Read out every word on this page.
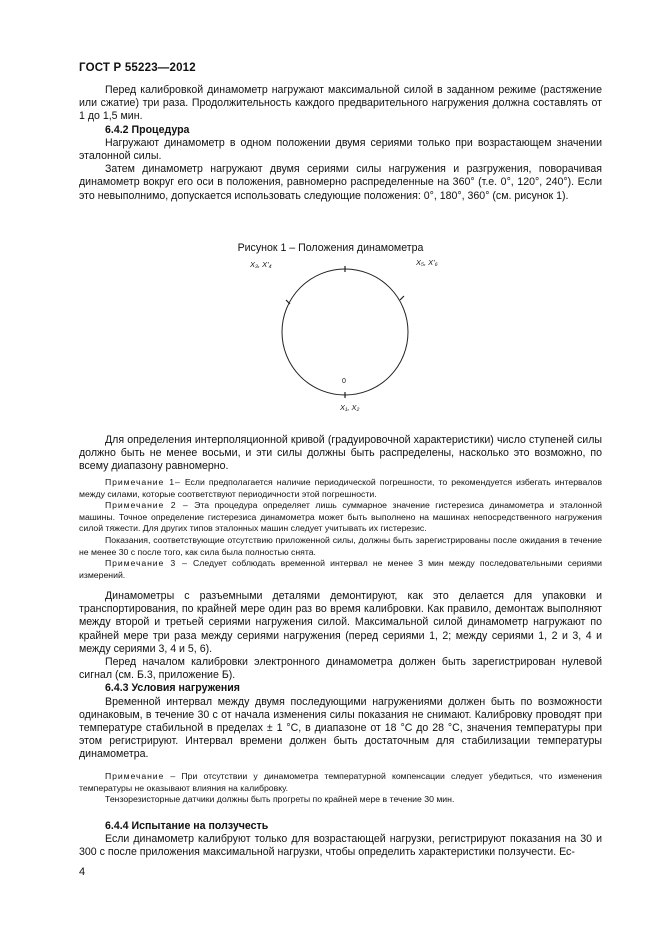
ГОСТ Р 55223—2012

Перед калибровкой динамометр нагружают максимальной силой в заданном режиме (растяжение или сжатие) три раза. Продолжительность каждого предварительного нагружения должна составлять от 1 до 1,5 мин.

6.4.2 Процедура

Нагружают динамометр в одном положении двумя сериями только при возрастающем значении эталонной силы.

Затем динамометр нагружают двумя сериями силы нагружения и разгружения, поворачивая динамометр вокруг его оси в положения, равномерно распределенные на 360° (т.е. 0°, 120°, 240°). Если это невыполнимо, допускается использовать следующие положения: 0°, 180°, 360° (см. рисунок 1).

Рисунок 1 – Положения динамометра
X₃, X'₄	X₅, X'₆
0
X₁, X₂
Для определения интерполяционной кривой (градуировочной характеристики) число ступеней силы должно быть не менее восьми, и эти силы должны быть распределены, насколько это возможно, по всему диапазону равномерно.

Примечание 1– Если предполагается наличие периодической погрешности, то рекомендуется избегать интервалов между силами, которые соответствуют периодичности этой погрешности.

Примечание 2 – Эта процедура определяет лишь суммарное значение гистерезиса динамометра и эталонной машины. Точное определение гистерезиса динамометра может быть выполнено на машинах непосредственного нагружения силой тяжести. Для других типов эталонных машин следует учитывать их гистерезис.

Показания, соответствующие отсутствию приложенной силы, должны быть зарегистрированы после ожидания в течение не менее 30 с после того, как сила была полностью снята.

Примечание 3 – Следует соблюдать временной интервал не менее 3 мин между последовательными сериями измерений.

Динамометры с разъемными деталями демонтируют, как это делается для упаковки и транспортирования, по крайней мере один раз во время калибровки. Как правило, демонтаж выполняют между второй и третьей сериями нагружения силой. Максимальной силой динамометр нагружают по крайней мере три раза между сериями нагружения (перед сериями 1, 2; между сериями 1, 2 и 3, 4 и между сериями 3, 4 и 5, 6).

Перед началом калибровки электронного динамометра должен быть зарегистрирован нулевой сигнал (см. Б.3, приложение Б).

6.4.3 Условия нагружения

Временной интервал между двумя последующими нагружениями должен быть по возможности одинаковым, в течение 30 с от начала изменения силы показания не снимают. Калибровку проводят при температуре стабильной в пределах ± 1 °С, в диапазоне от 18 °С до 28 °С, значения температуры при этом регистрируют. Интервал времени должен быть достаточным для стабилизации температуры динамометра.

Примечание – При отсутствии у динамометра температурной компенсации следует убедиться, что изменения температуры не оказывают влияния на калибровку.

Тензорезисторные датчики должны быть прогреты по крайней мере в течение 30 мин.

6.4.4 Испытание на ползучесть

Если динамометр калибруют только для возрастающей нагрузки, регистрируют показания на 30 и 300 с после приложения максимальной нагрузки, чтобы определить характеристики ползучести. Ес-

4
